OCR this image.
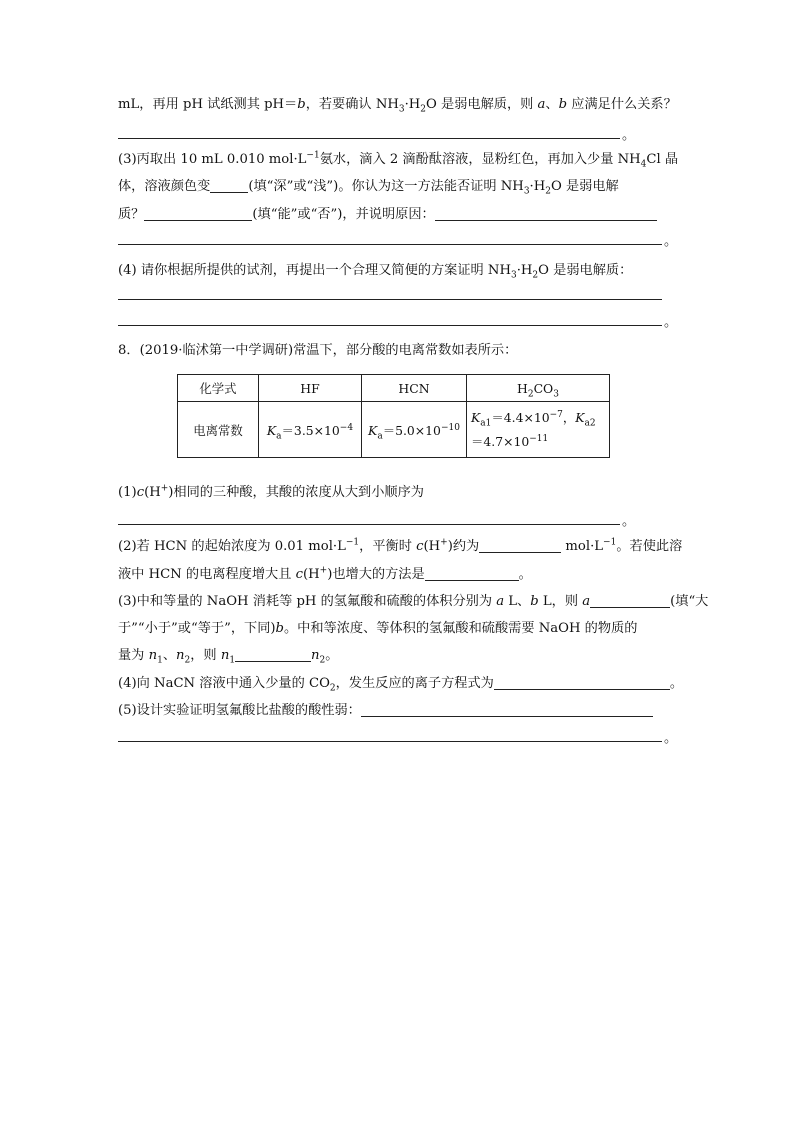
mL，再用 pH 试纸测其 pH＝b，若要确认 $NH_3\cdot H_2O$ 是弱电解质，则 a、b 应满足什么关系？
。
(3)丙取出 10 mL 0.010 $mol\cdot L^{-1}$氨水，滴入 2 滴酚酞溶液，显粉红色，再加入少量 $NH_4Cl$ 晶
体，溶液颜色变	(填“深”或“浅”)。你认为这一方法能否证明 $NH_3\cdot H_2O$ 是弱电解
质？	(填“能”或“否”)，并说明原因：
。
(4) 请你根据所提供的试剂，再提出一个合理又简便的方案证明 $NH_3\cdot H_2O$ 是弱电解质：
。
8．(2019·临沭第一中学调研)常温下，部分酸的电离常数如表所示：
化学式	HF	HCN	$H_2CO_3$
电离常数	$K_a=3.5\times 10^{-4}$	$K_a=5.0\times 10^{-10}$	$K_{a1}=4.4\times 10^{-7}$，$K_{a2}$
$=4.7\times 10^{-11}$
(1)c(H+)相同的三种酸，其酸的浓度从大到小顺序为
。
(2)若 HCN 的起始浓度为 0.01 $mol\cdot L^{-1}$，平衡时 c(H+)约为	$mol\cdot L^{-1}$。若使此溶
液中 HCN 的电离程度增大且 c(H+)也增大的方法是	。
(3)中和等量的 NaOH 消耗等 pH 的氢氟酸和硫酸的体积分别为 a L、b L，则 a	(填“大
于”“小于”或“等于”，下同)b。中和等浓度、等体积的氢氟酸和硫酸需要 NaOH 的物质的
量为 $n_1$、$n_2$，则 $n_1$	$n_2$。
(4)向 NaCN 溶液中通入少量的 $CO_2$，发生反应的离子方程式为	。
(5)设计实验证明氢氟酸比盐酸的酸性弱：
。
